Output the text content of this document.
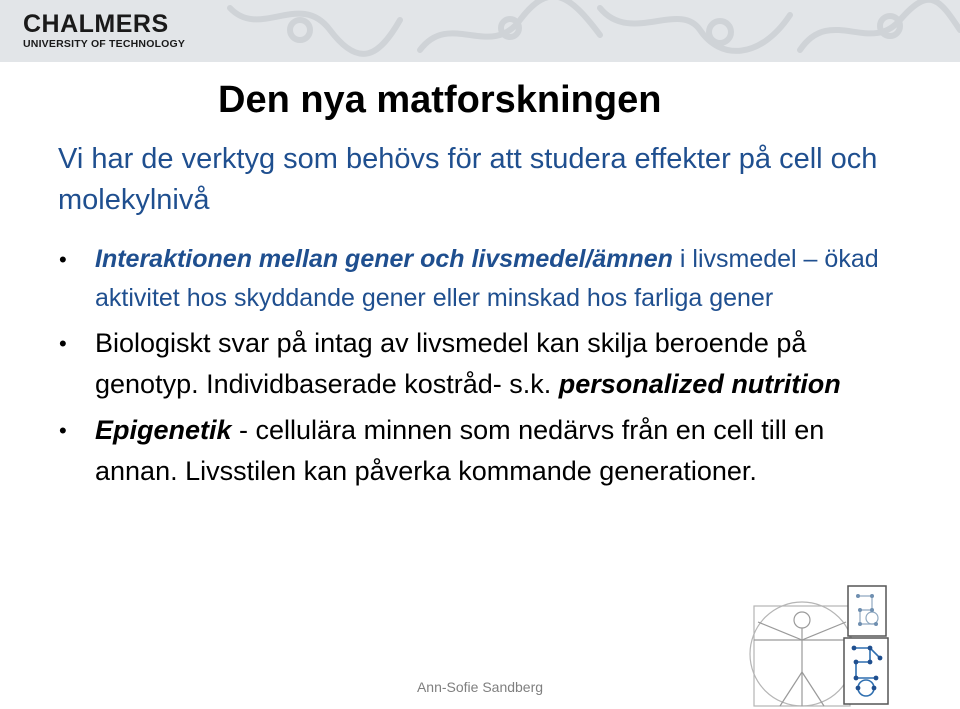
CHALMERS
UNIVERSITY OF TECHNOLOGY
Den nya matforskningen

Vi har de verktyg som behövs för att studera effekter på cell och molekylnivå

• Interaktionen mellan gener och livsmedel/ämnen i livsmedel – ökad aktivitet hos skyddande gener eller minskad hos farliga gener
• Biologiskt svar på intag av livsmedel kan skilja beroende på genotyp. Individbaserade kostråd- s.k. personalized nutrition
• Epigenetik - cellulära minnen som nedärvs från en cell till en annan. Livsstilen kan påverka kommande generationer.
Ann-Sofie Sandberg
